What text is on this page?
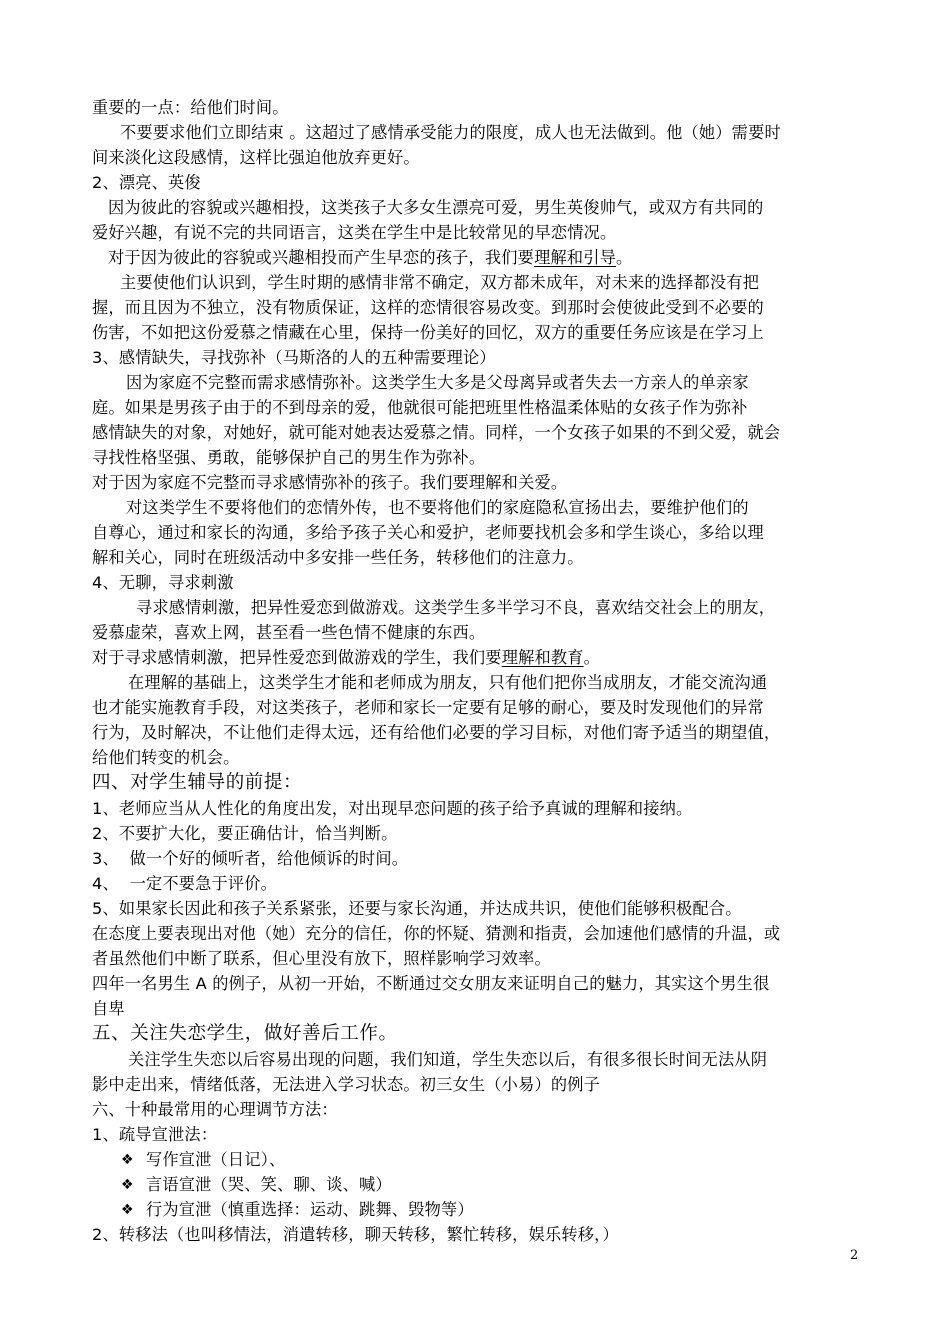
重要的一点：给他们时间。
不要要求他们立即结束 。这超过了感情承受能力的限度，成人也无法做到。他（她）需要时
间来淡化这段感情，这样比强迫他放弃更好。
2、漂亮、英俊
因为彼此的容貌或兴趣相投，这类孩子大多女生漂亮可爱，男生英俊帅气，或双方有共同的
爱好兴趣，有说不完的共同语言，这类在学生中是比较常见的早恋情况。
对于因为彼此的容貌或兴趣相投而产生早恋的孩子，我们要理解和引导。
主要使他们认识到，学生时期的感情非常不确定，双方都未成年，对未来的选择都没有把
握，而且因为不独立，没有物质保证，这样的恋情很容易改变。到那时会使彼此受到不必要的
伤害，不如把这份爱慕之情藏在心里，保持一份美好的回忆，双方的重要任务应该是在学习上
3、感情缺失，寻找弥补（马斯洛的人的五种需要理论）
因为家庭不完整而需求感情弥补。这类学生大多是父母离异或者失去一方亲人的单亲家
庭。如果是男孩子由于的不到母亲的爱，他就很可能把班里性格温柔体贴的女孩子作为弥补
感情缺失的对象，对她好，就可能对她表达爱慕之情。同样，一个女孩子如果的不到父爱，就会
寻找性格坚强、勇敢，能够保护自己的男生作为弥补。
对于因为家庭不完整而寻求感情弥补的孩子。我们要理解和关爱。
对这类学生不要将他们的恋情外传，也不要将他们的家庭隐私宣扬出去，要维护他们的
自尊心，通过和家长的沟通，多给予孩子关心和爱护，老师要找机会多和学生谈心，多给以理
解和关心，同时在班级活动中多安排一些任务，转移他们的注意力。
4、无聊，寻求刺激
寻求感情刺激，把异性爱恋到做游戏。这类学生多半学习不良，喜欢结交社会上的朋友，
爱慕虚荣，喜欢上网，甚至看一些色情不健康的东西。
对于寻求感情刺激，把异性爱恋到做游戏的学生，我们要理解和教育。
在理解的基础上，这类学生才能和老师成为朋友，只有他们把你当成朋友，才能交流沟通
也才能实施教育手段，对这类孩子，老师和家长一定要有足够的耐心，要及时发现他们的异常
行为，及时解决，不让他们走得太远，还有给他们必要的学习目标，对他们寄予适当的期望值，
给他们转变的机会。
四、对学生辅导的前提：
1、老师应当从人性化的角度出发，对出现早恋问题的孩子给予真诚的理解和接纳。
2、不要扩大化，要正确估计，恰当判断。
3、  做一个好的倾听者，给他倾诉的时间。
4、  一定不要急于评价。
5、如果家长因此和孩子关系紧张，还要与家长沟通，并达成共识，使他们能够积极配合。
在态度上要表现出对他（她）充分的信任，你的怀疑、猜测和指责，会加速他们感情的升温，或
者虽然他们中断了联系，但心里没有放下，照样影响学习效率。
四年一名男生 A 的例子，从初一开始，不断通过交女朋友来证明自己的魅力，其实这个男生很
自卑
五、关注失恋学生，做好善后工作。
关注学生失恋以后容易出现的问题，我们知道，学生失恋以后，有很多很长时间无法从阴
影中走出来，情绪低落，无法进入学习状态。初三女生（小易）的例子
六、十种最常用的心理调节方法：
1、疏导宣泄法：
❖ 写作宣泄（日记）、
❖ 言语宣泄（哭、笑、聊、谈、喊）
❖ 行为宣泄（慎重选择：运动、跳舞、毁物等）
2、转移法（也叫移情法，消遣转移，聊天转移，繁忙转移，娱乐转移，）
2
